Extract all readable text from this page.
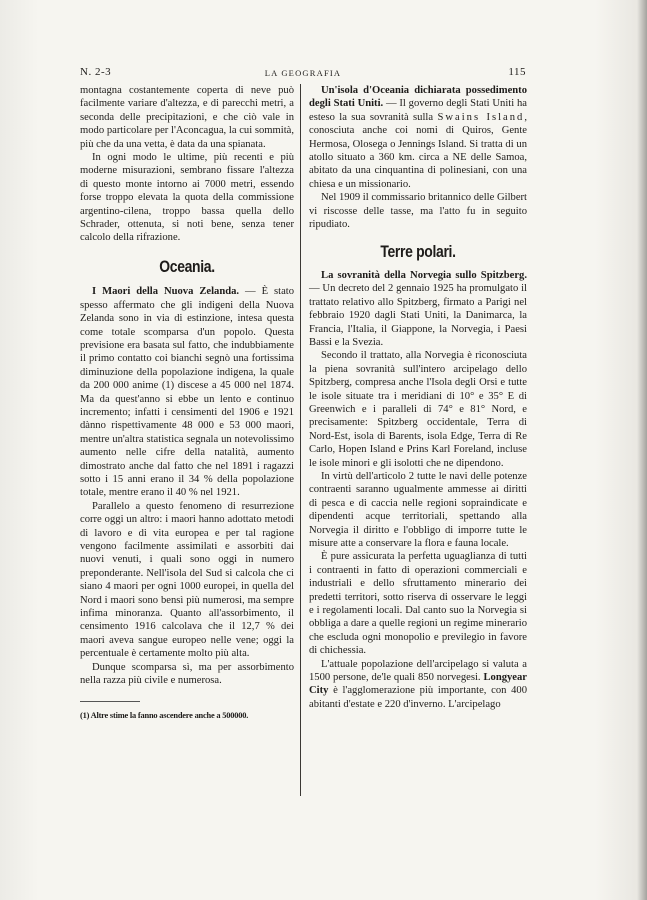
N. 2-3	LA GEOGRAFIA	115

montagna costantemente coperta di neve può facilmente variare d'altezza, e di parecchi metri, a seconda delle precipitazioni, e che ciò vale in modo particolare per l'Aconcagua, la cui sommità, più che da una vetta, è data da una spianata.

In ogni modo le ultime, più recenti e più moderne misurazioni, sembrano fissare l'altezza di questo monte intorno ai 7000 metri, essendo forse troppo elevata la quota della commissione argentino-cilena, troppo bassa quella dello Schrader, ottenuta, si noti bene, senza tener calcolo della rifrazione.

Oceania.

I Maori della Nuova Zelanda. — È stato spesso affermato che gli indigeni della Nuova Zelanda sono in via di estinzione, intesa questa come totale scomparsa d'un popolo. Questa previsione era basata sul fatto, che indubbiamente il primo contatto coi bianchi segnò una fortissima diminuzione della popolazione indigena, la quale da 200 000 anime (1) discese a 45 000 nel 1874. Ma da quest'anno si ebbe un lento e continuo incremento; infatti i censimenti del 1906 e 1921 dànno rispettivamente 48 000 e 53 000 maori, mentre un'altra statistica segnala un notevolissimo aumento nelle cifre della natalità, aumento dimostrato anche dal fatto che nel 1891 i ragazzi sotto i 15 anni erano il 34 % della popolazione totale, mentre erano il 40 % nel 1921.

Parallelo a questo fenomeno di resurrezione corre oggi un altro: i maori hanno adottato metodi di lavoro e di vita europea e per tal ragione vengono facilmente assimilati e assorbiti dai nuovi venuti, i quali sono oggi in numero preponderante. Nell'isola del Sud si calcola che ci siano 4 maori per ogni 1000 europei, in quella del Nord i maori sono bensì più numerosi, ma sempre infima minoranza. Quanto all'assorbimento, il censimento 1916 calcolava che il 12,7 % dei maori aveva sangue europeo nelle vene; oggi la percentuale è certamente molto più alta.

Dunque scomparsa sì, ma per assorbimento nella razza più civile e numerosa.

(1) Altre stime la fanno ascendere anche a 500000.

Un'isola d'Oceania dichiarata possedimento degli Stati Uniti. — Il governo degli Stati Uniti ha esteso la sua sovranità sulla Swains Island, conosciuta anche coi nomi di Quiros, Gente Hermosa, Olosega o Jennings Island. Si tratta di un atollo situato a 360 km. circa a NE delle Samoa, abitato da una cinquantina di polinesiani, con una chiesa e un missionario.

Nel 1909 il commissario britannico delle Gilbert vi riscosse delle tasse, ma l'atto fu in seguito ripudiato.

Terre polari.

La sovranità della Norvegia sullo Spitzberg. — Un decreto del 2 gennaio 1925 ha promulgato il trattato relativo allo Spitzberg, firmato a Parigi nel febbraio 1920 dagli Stati Uniti, la Danimarca, la Francia, l'Italia, il Giappone, la Norvegia, i Paesi Bassi e la Svezia.

Secondo il trattato, alla Norvegia è riconosciuta la piena sovranità sull'intero arcipelago dello Spitzberg, compresa anche l'Isola degli Orsi e tutte le isole situate tra i meridiani di 10° e 35° E di Greenwich e i paralleli di 74° e 81° Nord, e precisamente: Spitzberg occidentale, Terra di Nord-Est, isola di Barents, isola Edge, Terra di Re Carlo, Hopen Island e Prins Karl Foreland, incluse le isole minori e gli isolotti che ne dipendono.

In virtù dell'articolo 2 tutte le navi delle potenze contraenti saranno ugualmente ammesse ai diritti di pesca e di caccia nelle regioni sopraindicate e dipendenti acque territoriali, spettando alla Norvegia il diritto e l'obbligo di imporre tutte le misure atte a conservare la flora e fauna locale.

È pure assicurata la perfetta uguaglianza di tutti i contraenti in fatto di operazioni commerciali e industriali e dello sfruttamento minerario dei predetti territori, sotto riserva di osservare le leggi e i regolamenti locali. Dal canto suo la Norvegia si obbliga a dare a quelle regioni un regime minerario che escluda ogni monopolio e previlegio in favore di chichessia.

L'attuale popolazione dell'arcipelago si valuta a 1500 persone, de'le quali 850 norvegesi. Longyear City è l'agglomerazione più importante, con 400 abitanti d'estate e 220 d'inverno. L'arcipelago
